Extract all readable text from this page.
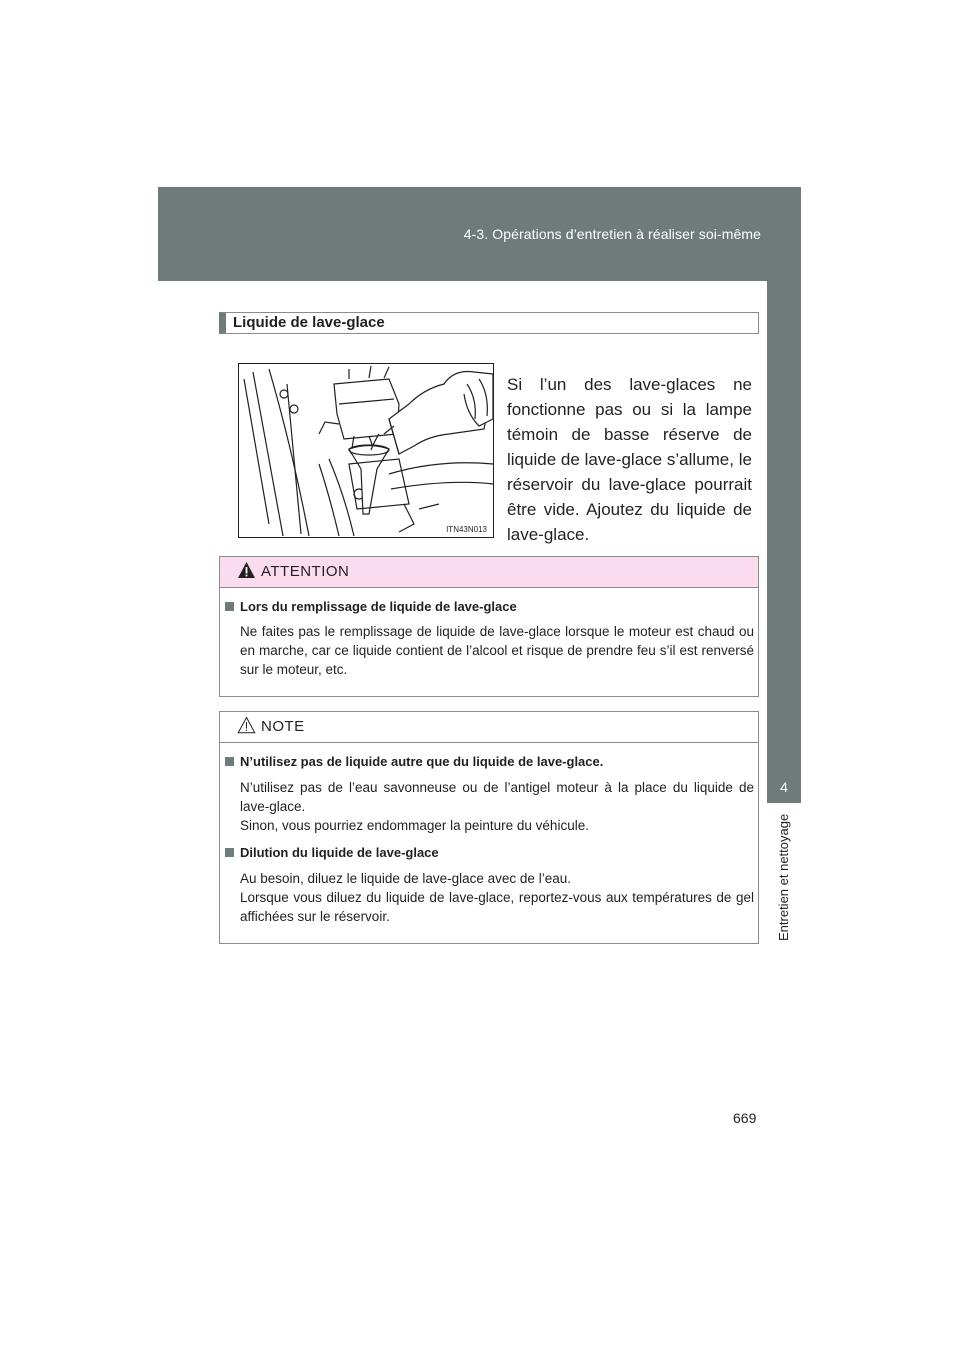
4-3. Opérations d’entretien à réaliser soi-même
4
Entretien et nettoyage
Liquide de lave-glace
ITN43N013
Si l’un des lave-glaces ne fonctionne pas ou si la lampe témoin de basse réserve de liquide de lave-glace s’allume, le réservoir du lave-glace pourrait être vide. Ajoutez du liquide de lave-glace.
ATTENTION
Lors du remplissage de liquide de lave-glace

Ne faites pas le remplissage de liquide de lave-glace lorsque le moteur est chaud ou en marche, car ce liquide contient de l’alcool et risque de prendre feu s’il est renversé sur le moteur, etc.

NOTE
N’utilisez pas de liquide autre que du liquide de lave-glace.

N’utilisez pas de l’eau savonneuse ou de l’antigel moteur à la place du liquide de lave-glace.

Sinon, vous pourriez endommager la peinture du véhicule.

Dilution du liquide de lave-glace

Au besoin, diluez le liquide de lave-glace avec de l’eau.

Lorsque vous diluez du liquide de lave-glace, reportez-vous aux températures de gel affichées sur le réservoir.

669
